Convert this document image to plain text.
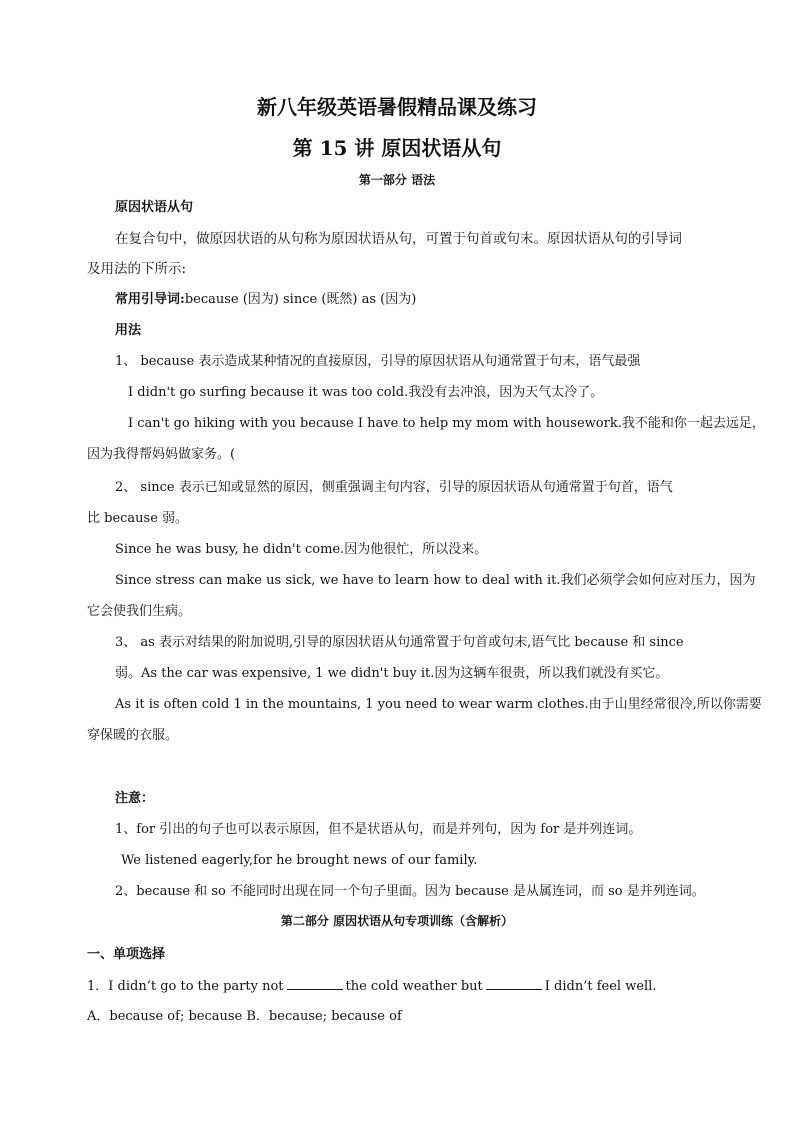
新八年级英语暑假精品课及练习
第 15 讲 原因状语从句
第一部分 语法
原因状语从句
在复合句中，做原因状语的从句称为原因状语从句，可置于句首或句末。原因状语从句的引导词
及用法的下所示:
常用引导词:because (因为) since (既然) as (因为)
用法
1、 because 表示造成某种情况的直接原因，引导的原因状语从句通常置于句末，语气最强
I didn't go surfing because it was too cold.我没有去冲浪，因为天气太冷了。
I can't go hiking with you because I have to help my mom with housework.我不能和你一起去远足，
因为我得帮妈妈做家务。(
2、 since 表示已知或显然的原因，侧重强调主句内容，引导的原因状语从句通常置于句首，语气
比 because 弱。
Since he was busy, he didn't come.因为他很忙，所以没来。
Since stress can make us sick, we have to learn how to deal with it.我们必须学会如何应对压力，因为
它会使我们生病。
3、 as 表示对结果的附加说明,引导的原因状语从句通常置于句首或句末,语气比 because 和 since
弱。As the car was expensive, 1 we didn't buy it.因为这辆车很贵，所以我们就没有买它。
As it is often cold 1 in the mountains, 1 you need to wear warm clothes.由于山里经常很冷,所以你需要
穿保暖的衣服。
注意：
1、for 引出的句子也可以表示原因，但不是状语从句，而是并列句，因为 for 是并列连词。
We listened eagerly,for he brought news of our family.
2、because 和 so 不能同时出现在同一个句子里面。因为 because 是从属连词，而 so 是并列连词。
第二部分 原因状语从句专项训练（含解析）
一、单项选择
1．I didn’t go to the party not	the cold weather but	I didn’t feel well.
A．because of; because B．because; because of
